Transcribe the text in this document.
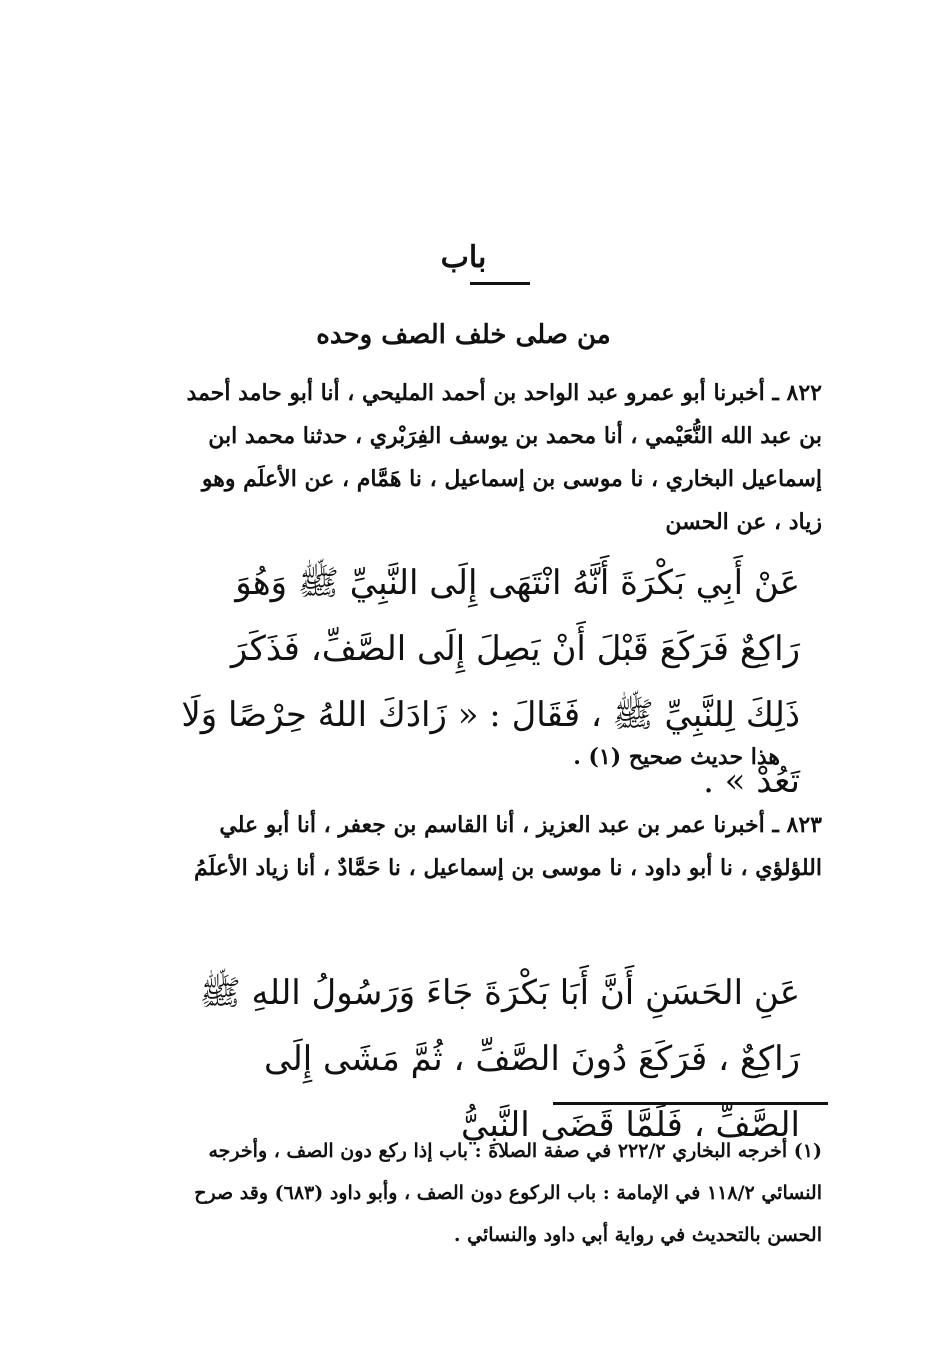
باب
من صلى خلف الصف وحده
٨٢٢ ـ أخبرنا أبو عمرو عبد الواحد بن أحمد المليحي ، أنا أبو حامد أحمد بن عبد الله النُّعَيْمي ، أنا محمد بن يوسف الفِرَبْري ، حدثنا محمد ابن إسماعيل البخاري ، نا موسى بن إسماعيل ، نا هَمَّام ، عن الأعلَم وهو زياد ، عن الحسن
عَنْ أَبِي بَكْرَةَ أَنَّهُ انْتَهَى إِلَى النَّبِيِّ ﷺ وَهُوَ رَاكِعٌ فَرَكَعَ قَبْلَ أَنْ يَصِلَ إِلَى الصَّفِّ، فَذَكَرَ ذَلِكَ لِلنَّبِيِّ ﷺ ، فَقَالَ : « زَادَكَ اللهُ حِرْصًا وَلَا تَعُدْ » .
هذا حديث صحيح (١) .
٨٢٣ ـ أخبرنا عمر بن عبد العزيز ، أنا القاسم بن جعفر ، أنا أبو علي اللؤلؤي ، نا أبو داود ، نا موسى بن إسماعيل ، نا حَمَّادٌ ، أنا زياد الأعلَمُ
عَنِ الحَسَنِ أَنَّ أَبَا بَكْرَةَ جَاءَ وَرَسُولُ اللهِ ﷺ رَاكِعٌ ، فَرَكَعَ دُونَ الصَّفِّ ، ثُمَّ مَشَى إِلَى الصَّفِّ ، فَلَمَّا قَضَى النَّبِيُّ
(١) أخرجه البخاري ٢٢٢/٢ في صفة الصلاة : باب إذا ركع دون الصف ، وأخرجه النسائي ١١٨/٢ في الإمامة : باب الركوع دون الصف ، وأبو داود (٦٨٣) وقد صرح الحسن بالتحديث في رواية أبي داود والنسائي .
